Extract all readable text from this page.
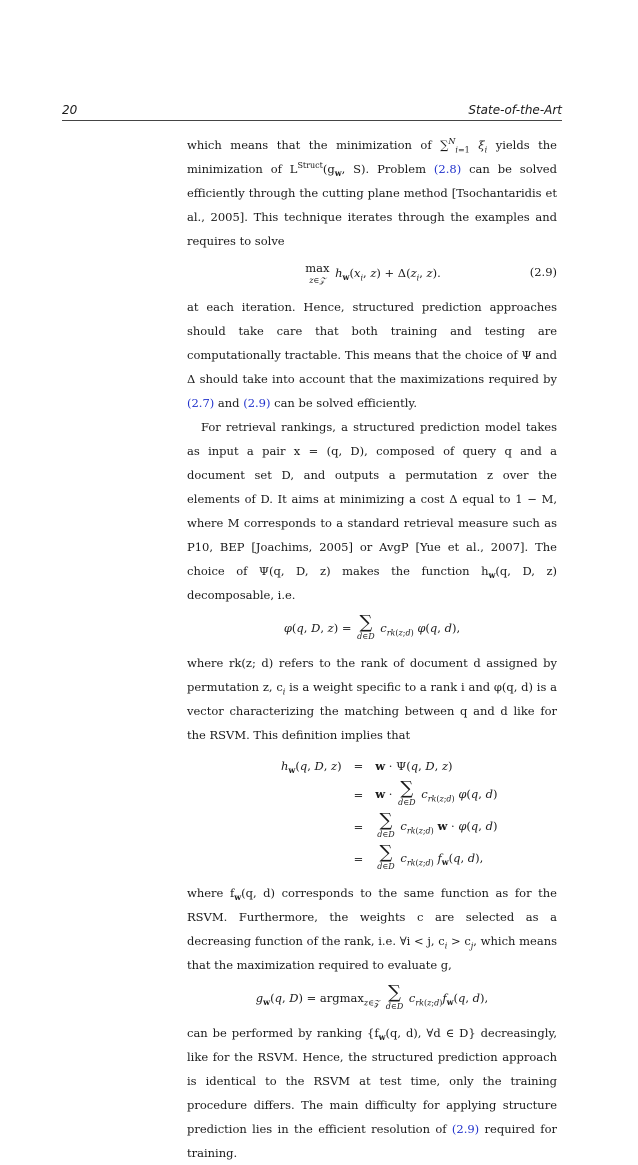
20	State-of-the-Art

which means that the minimization of ∑$^N_{i=1}$ $\xi_i$ yields the minimization of $L^{Struct}(g_w$, S). Problem (2.8) can be solved efficiently through the cutting plane method [Tsochantaridis et al., 2005]. This technique iterates through the examples and requires to solve

max
z∈𝒵
$h_w(x_i$, $z) + \Delta(z_i$, z).	(2.9)

at each iteration. Hence, structured prediction approaches should take care that both training and testing are computationally tractable. This means that the choice of Ψ and Δ should take into account that the maximizations required by (2.7) and (2.9) can be solved efficiently.

For retrieval rankings, a structured prediction model takes as input a pair x = (q, D), composed of query q and a document set D, and outputs a permutation z over the elements of D. It aims at minimizing a cost Δ equal to 1 − M, where M corresponds to a standard retrieval measure such as P10, BEP [Joachims, 2005] or AvgP [Yue et al., 2007]. The choice of Ψ(q, D, z) makes the function $h_w(q$, D, z) decomposable, i.e.

φ(q, D, z) = ∑
d∈D
$c_{rk(z;d)}$ φ(q, d),

where rk(z; d) refers to the rank of document d assigned by permutation z, $c_i$ is a weight specific to a rank i and φ(q, d) is a vector characterizing the matching between q and d like for the RSVM. This definition implies that

$h_w(q$, D, z)	=	w · Ψ(q, D, z)
	=	w · ∑
d∈D
$c_{rk(z;d)}$ φ(q, d)
	=	∑
d∈D
$c_{rk(z;d)}$ w · φ(q, d)
	=	∑
d∈D
$c_{rk(z;d)}$ $f_w(q$, d),

where $f_w(q$, d) corresponds to the same function as for the RSVM. Furthermore, the weights c are selected as a decreasing function of the rank, i.e. ∀i < j, $c_i > c_j$, which means that the maximization required to evaluate g,

$g_w(q$, D) = argmax$_{z\in 𝒵}$ ∑
d∈D
$c_{rk(z;d)}f_w(q$, d),

can be performed by ranking {$f_w(q$, d), ∀d ∈ D} decreasingly, like for the RSVM. Hence, the structured prediction approach is identical to the RSVM at test time, only the training procedure differs. The main difficulty for applying structure prediction lies in the efficient resolution of (2.9) required for training.
